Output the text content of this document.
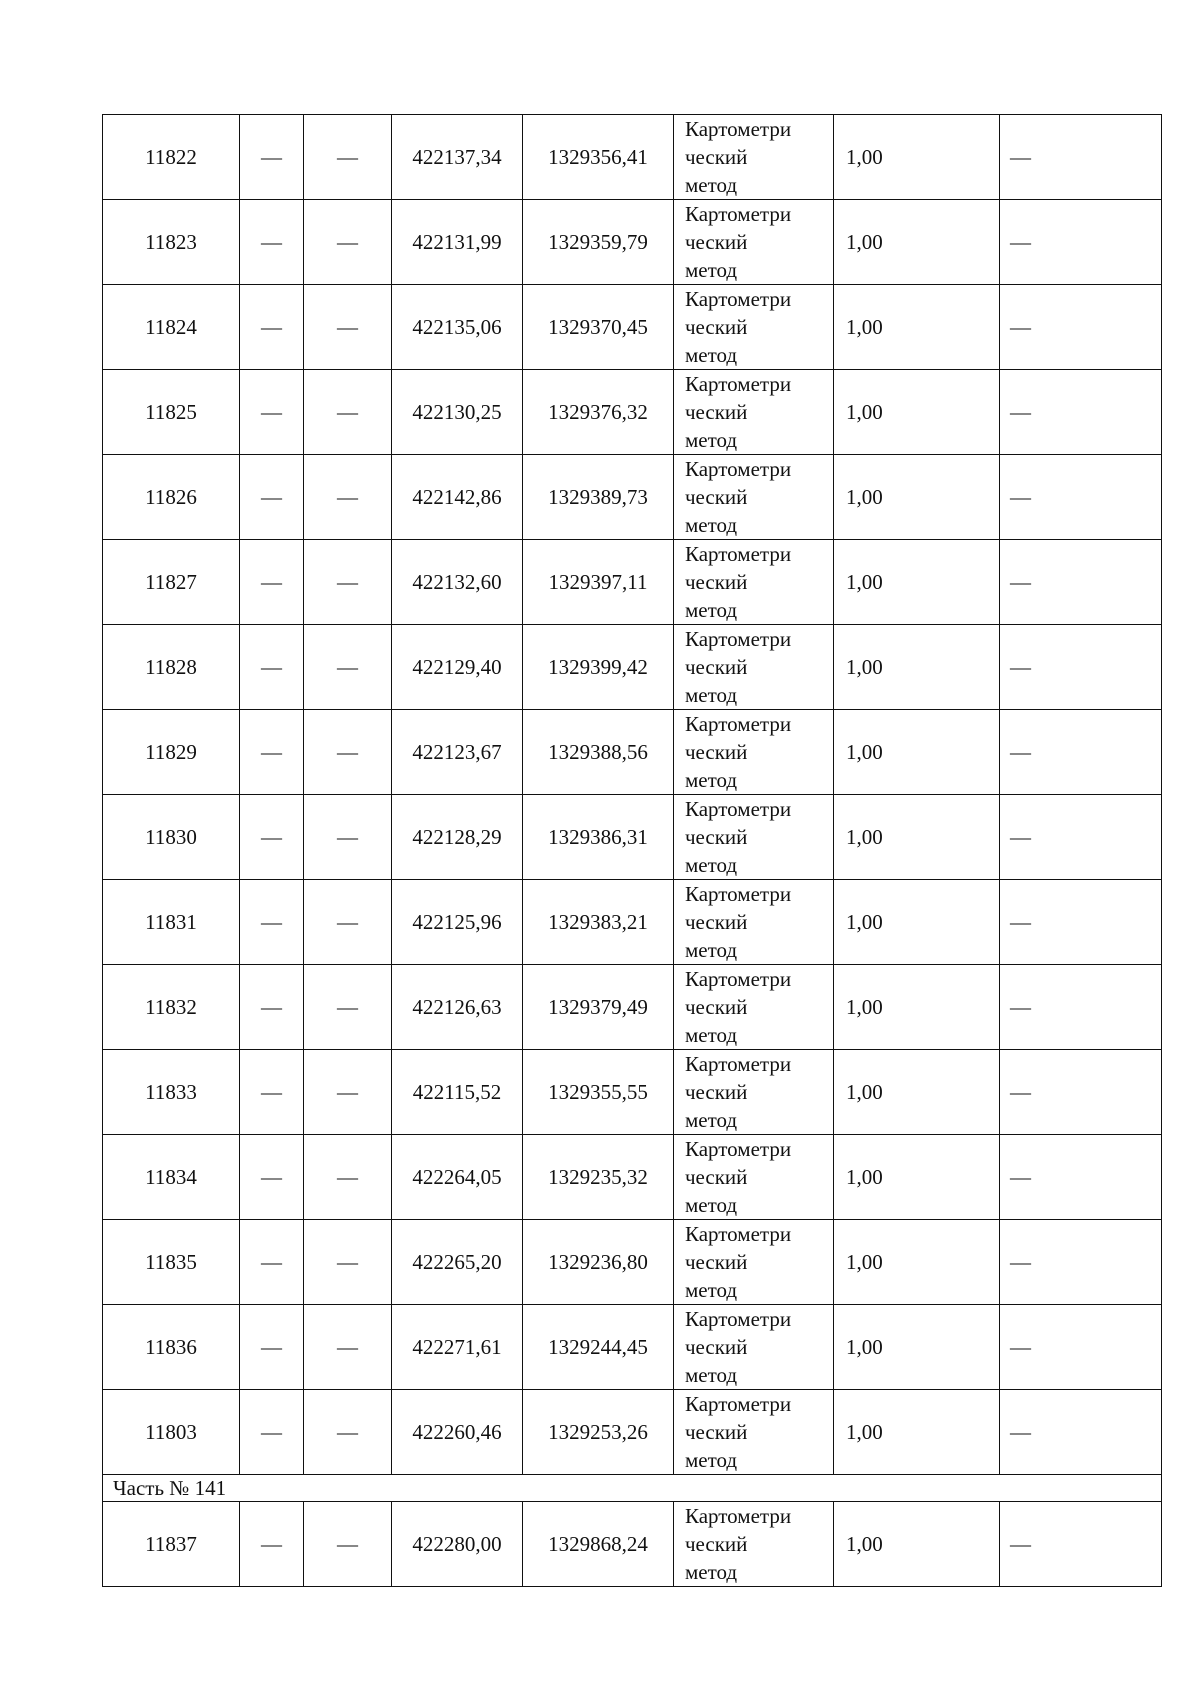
11822	—	—	422137,34	1329356,41	Картометри
ческий
метод	1,00	—
11823	—	—	422131,99	1329359,79	Картометри
ческий
метод	1,00	—
11824	—	—	422135,06	1329370,45	Картометри
ческий
метод	1,00	—
11825	—	—	422130,25	1329376,32	Картометри
ческий
метод	1,00	—
11826	—	—	422142,86	1329389,73	Картометри
ческий
метод	1,00	—
11827	—	—	422132,60	1329397,11	Картометри
ческий
метод	1,00	—
11828	—	—	422129,40	1329399,42	Картометри
ческий
метод	1,00	—
11829	—	—	422123,67	1329388,56	Картометри
ческий
метод	1,00	—
11830	—	—	422128,29	1329386,31	Картометри
ческий
метод	1,00	—
11831	—	—	422125,96	1329383,21	Картометри
ческий
метод	1,00	—
11832	—	—	422126,63	1329379,49	Картометри
ческий
метод	1,00	—
11833	—	—	422115,52	1329355,55	Картометри
ческий
метод	1,00	—
11834	—	—	422264,05	1329235,32	Картометри
ческий
метод	1,00	—
11835	—	—	422265,20	1329236,80	Картометри
ческий
метод	1,00	—
11836	—	—	422271,61	1329244,45	Картометри
ческий
метод	1,00	—
11803	—	—	422260,46	1329253,26	Картометри
ческий
метод	1,00	—
Часть № 141							
11837	—	—	422280,00	1329868,24	Картометри
ческий
метод	1,00	—
